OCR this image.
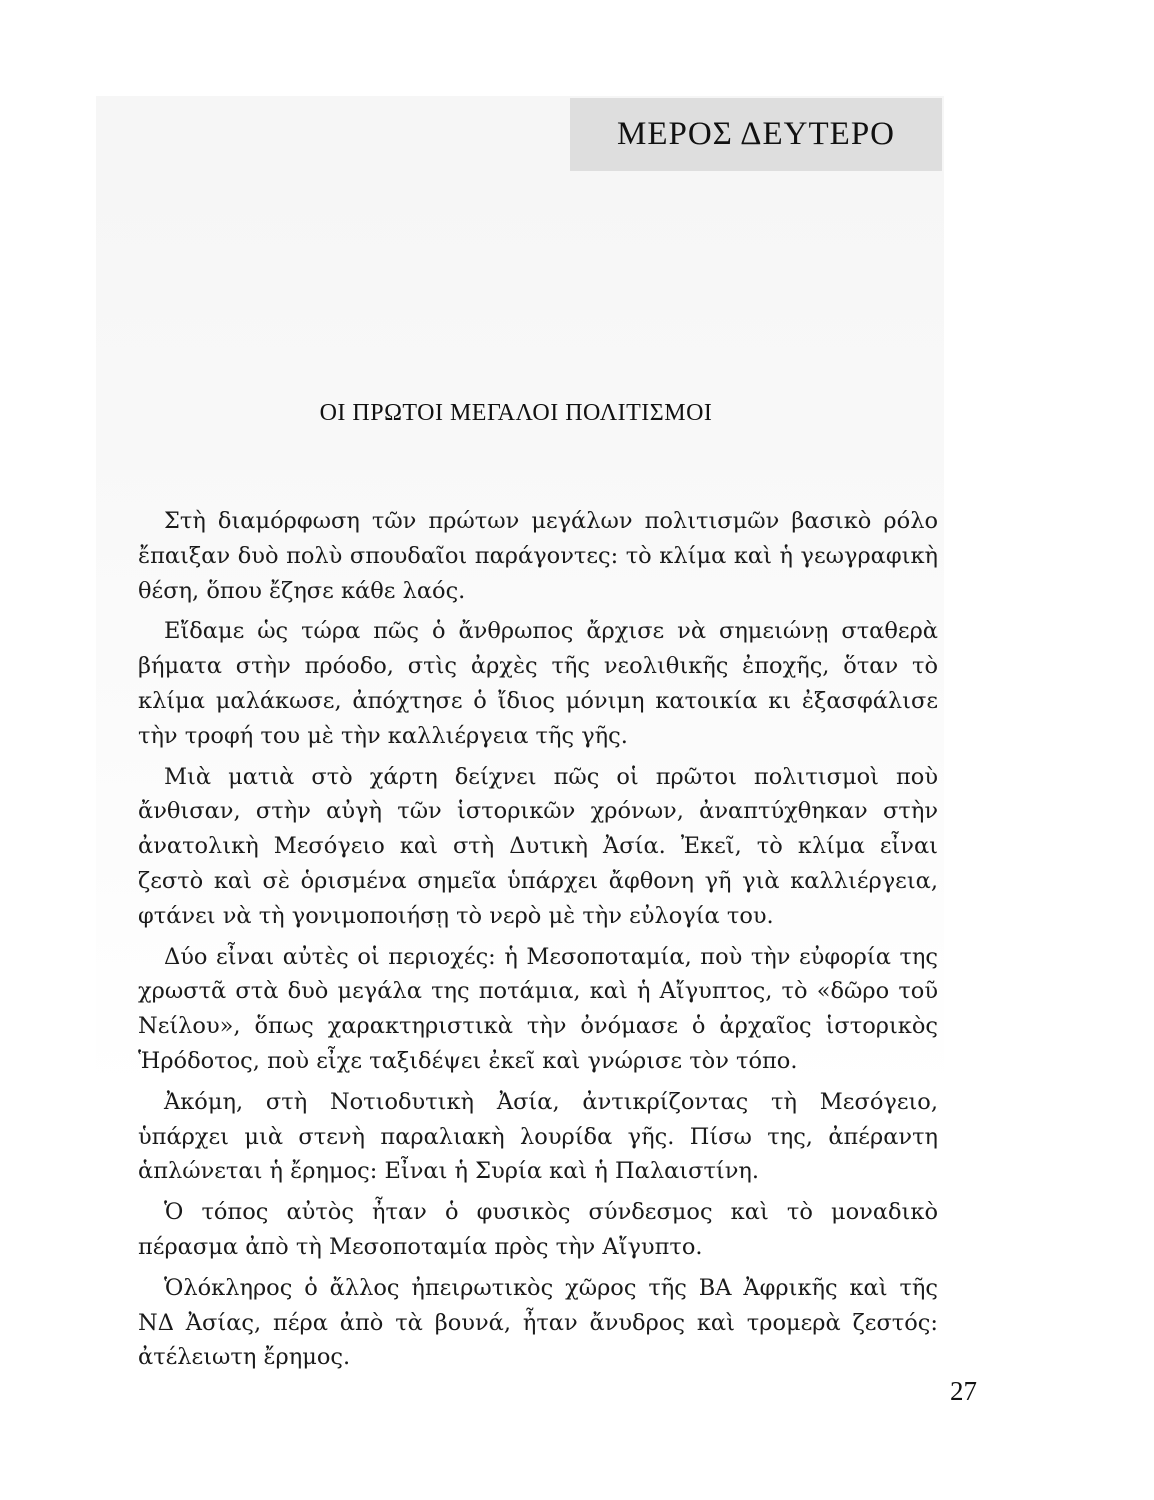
ΜΕΡΟΣ ΔΕΥΤΕΡΟ
ΟΙ ΠΡΩΤΟΙ ΜΕΓΑΛΟΙ ΠΟΛΙΤΙΣΜΟΙ

Στὴ διαμόρφωση τῶν πρώτων μεγάλων πολιτισμῶν βασικὸ ρόλο ἔπαιξαν δυὸ πολὺ σπουδαῖοι παράγοντες: τὸ κλίμα καὶ ἡ γεωγραφικὴ θέση, ὅπου ἔζησε κάθε λαός.

Εἴδαμε ὡς τώρα πῶς ὁ ἄνθρωπος ἄρχισε νὰ σημειώνῃ σταθερὰ βήματα στὴν πρόοδο, στὶς ἀρχὲς τῆς νεολιθικῆς ἐποχῆς, ὅταν τὸ κλίμα μαλάκωσε, ἀπόχτησε ὁ ἴδιος μόνιμη κατοικία κι ἐξασφάλισε τὴν τροφή του μὲ τὴν καλλιέργεια τῆς γῆς.

Μιὰ ματιὰ στὸ χάρτη δείχνει πῶς οἱ πρῶτοι πολιτισμοὶ ποὺ ἄνθισαν, στὴν αὐγὴ τῶν ἱστορικῶν χρόνων, ἀναπτύχθηκαν στὴν ἀνατολικὴ Μεσόγειο καὶ στὴ Δυτικὴ Ἀσία. Ἐκεῖ, τὸ κλίμα εἶναι ζεστὸ καὶ σὲ ὁρισμένα σημεῖα ὑπάρχει ἄφθονη γῆ γιὰ καλλιέργεια, φτάνει νὰ τὴ γονιμοποιήσῃ τὸ νερὸ μὲ τὴν εὐλογία του.

Δύο εἶναι αὐτὲς οἱ περιοχές: ἡ Μεσοποταμία, ποὺ τὴν εὐφορία της χρωστᾶ στὰ δυὸ μεγάλα της ποτάμια, καὶ ἡ Αἴγυπτος, τὸ «δῶρο τοῦ Νείλου», ὅπως χαρακτηριστικὰ τὴν ὀνόμασε ὁ ἀρχαῖος ἱστορικὸς Ἡρόδοτος, ποὺ εἶχε ταξιδέψει ἐκεῖ καὶ γνώρισε τὸν τόπο.

Ἀκόμη, στὴ Νοτιοδυτικὴ Ἀσία, ἀντικρίζοντας τὴ Μεσόγειο, ὑπάρχει μιὰ στενὴ παραλιακὴ λουρίδα γῆς. Πίσω της, ἀπέραντη ἁπλώνεται ἡ ἔρημος: Εἶναι ἡ Συρία καὶ ἡ Παλαιστίνη.

Ὁ τόπος αὐτὸς ἦταν ὁ φυσικὸς σύνδεσμος καὶ τὸ μοναδικὸ πέρασμα ἀπὸ τὴ Μεσοποταμία πρὸς τὴν Αἴγυπτο.

Ὁλόκληρος ὁ ἄλλος ἠπειρωτικὸς χῶρος τῆς ΒΑ Ἀφρικῆς καὶ τῆς ΝΔ Ἀσίας, πέρα ἀπὸ τὰ βουνά, ἦταν ἄνυδρος καὶ τρομερὰ ζεστός: ἀτέλειωτη ἔρημος.

27
